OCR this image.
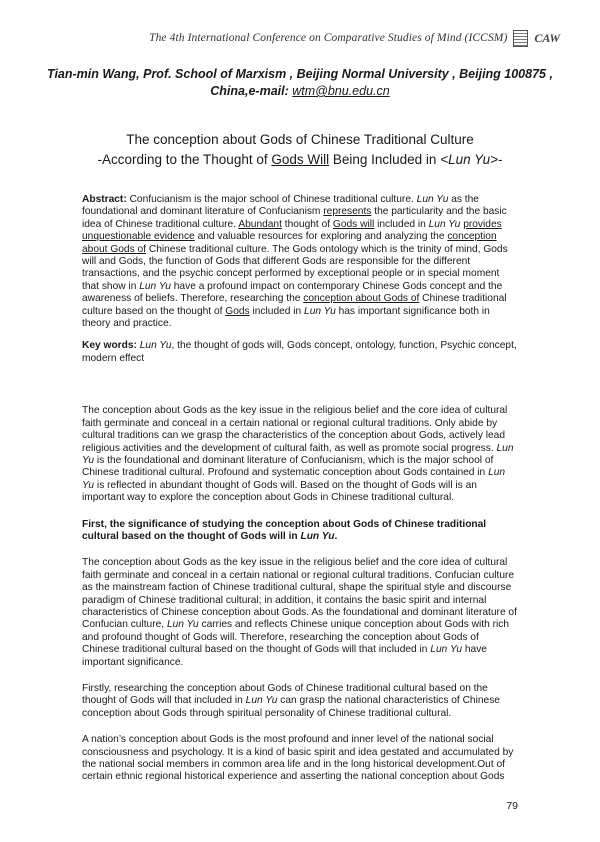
The 4th International Conference on Comparative Studies of Mind (ICCSM) CAW
Tian-min Wang, Prof. School of Marxism , Beijing Normal University , Beijing 100875 ,
China,e-mail: wtm@bnu.edu.cn
The conception about Gods of Chinese Traditional Culture
-According to the Thought of Gods Will Being Included in <Lun Yu>-

Abstract: Confucianism is the major school of Chinese traditional culture. Lun Yu as the foundational and dominant literature of Confucianism represents the particularity and the basic idea of Chinese traditional culture. Abundant thought of Gods will included in Lun Yu provides unquestionable evidence and valuable resources for exploring and analyzing the conception about Gods of Chinese traditional culture. The Gods ontology which is the trinity of mind, Gods will and Gods, the function of Gods that different Gods are responsible for the different transactions, and the psychic concept performed by exceptional people or in special moment that show in Lun Yu have a profound impact on contemporary Chinese Gods concept and the awareness of beliefs. Therefore, researching the conception about Gods of Chinese traditional culture based on the thought of Gods included in Lun Yu has important significance both in theory and practice.

Key words: Lun Yu, the thought of gods will, Gods concept, ontology, function, Psychic concept, modern effect

The conception about Gods as the key issue in the religious belief and the core idea of cultural faith germinate and conceal in a certain national or regional cultural traditions. Only abide by cultural traditions can we grasp the characteristics of the conception about Gods, actively lead religious activities and the development of cultural faith, as well as promote social progress. Lun Yu is the foundational and dominant literature of Confucianism, which is the major school of Chinese traditional cultural. Profound and systematic conception about Gods contained in Lun Yu is reflected in abundant thought of Gods will. Based on the thought of Gods will is an important way to explore the conception about Gods in Chinese traditional cultural.

First, the significance of studying the conception about Gods of Chinese traditional cultural based on the thought of Gods will in Lun Yu.

The conception about Gods as the key issue in the religious belief and the core idea of cultural faith germinate and conceal in a certain national or regional cultural traditions. Confucian culture as the mainstream faction of Chinese traditional cultural, shape the spiritual style and discourse paradigm of Chinese traditional cultural; in addition, it contains the basic spirit and internal characteristics of Chinese conception about Gods. As the foundational and dominant literature of Confucian culture, Lun Yu carries and reflects Chinese unique conception about Gods with rich and profound thought of Gods will. Therefore, researching the conception about Gods of Chinese traditional cultural based on the thought of Gods will that included in Lun Yu have important significance.

Firstly, researching the conception about Gods of Chinese traditional cultural based on the thought of Gods will that included in Lun Yu can grasp the national characteristics of Chinese conception about Gods through spiritual personality of Chinese traditional cultural.

A nation’s conception about Gods is the most profound and inner level of the national social consciousness and psychology. It is a kind of basic spirit and idea gestated and accumulated by the national social members in common area life and in the long historical development.Out of certain ethnic regional historical experience and asserting the national conception about Gods

79
